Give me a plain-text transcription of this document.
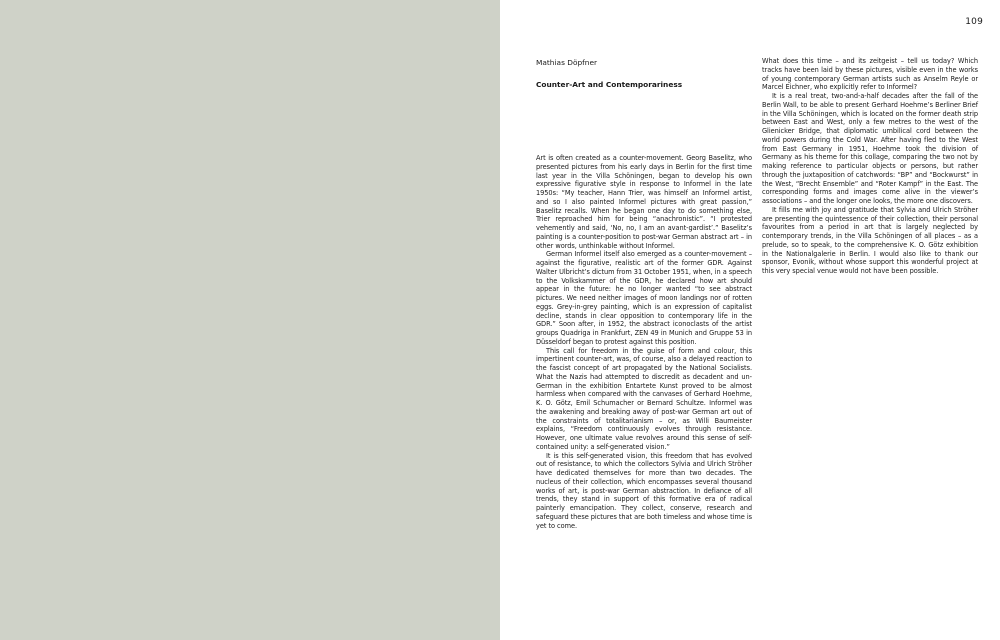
109
Mathias Döpfner
Counter-Art and Contemporariness

Art is often created as a counter-movement. Georg Baselitz, who presented pictures from his early days in Berlin for the first time last year in the Villa Schöningen, began to develop his own expressive figurative style in response to Informel in the late 1950s: “My teacher, Hann Trier, was himself an Informel artist, and so I also painted Informel pictures with great passion,” Baselitz recalls. When he began one day to do something else, Trier reproached him for being “anachronistic”. “I protested vehemently and said, ‘No, no, I am an avant-gardist’.” Baselitz’s painting is a counter-position to post-war German abstract art – in other words, unthinkable without Informel.

German Informel itself also emerged as a counter-movement – against the figurative, realistic art of the former GDR. Against Walter Ulbricht’s dictum from 31 October 1951, when, in a speech to the Volkskammer of the GDR, he declared how art should appear in the future: he no longer wanted “to see abstract pictures. We need neither images of moon landings nor of rotten eggs. Grey-in-grey painting, which is an expression of capitalist decline, stands in clear opposition to contemporary life in the GDR.” Soon after, in 1952, the abstract iconoclasts of the artist groups Quadriga in Frankfurt, ZEN 49 in Munich and Gruppe 53 in Düsseldorf began to protest against this position.

This call for freedom in the guise of form and colour, this impertinent counter-art, was, of course, also a delayed reaction to the fascist concept of art propagated by the National Socialists. What the Nazis had attempted to discredit as decadent and un-German in the exhibition Entartete Kunst proved to be almost harmless when compared with the canvases of Gerhard Hoehme, K. O. Götz, Emil Schumacher or Bernard Schultze. Informel was the awakening and breaking away of post-war German art out of the constraints of totalitarianism – or, as Willi Baumeister explains, “Freedom continuously evolves through resistance. However, one ultimate value revolves around this sense of self-contained unity: a self-generated vision.”

It is this self-generated vision, this freedom that has evolved out of resistance, to which the collectors Sylvia and Ulrich Ströher have dedicated themselves for more than two decades. The nucleus of their collection, which encompasses several thousand works of art, is post-war German abstraction. In defiance of all trends, they stand in support of this formative era of radical painterly emancipation. They collect, conserve, research and safeguard these pictures that are both timeless and whose time is yet to come.

What does this time – and its zeitgeist – tell us today? Which tracks have been laid by these pictures, visible even in the works of young contemporary German artists such as Anselm Reyle or Marcel Eichner, who explicitly refer to Informel?

It is a real treat, two-and-a-half decades after the fall of the Berlin Wall, to be able to present Gerhard Hoehme’s Berliner Brief in the Villa Schöningen, which is located on the former death strip between East and West, only a few metres to the west of the Glienicker Bridge, that diplomatic umbilical cord between the world powers during the Cold War. After having fled to the West from East Germany in 1951, Hoehme took the division of Germany as his theme for this collage, comparing the two not by making reference to particular objects or persons, but rather through the juxtaposition of catchwords: “BP” and “Bockwurst” in the West, “Brecht Ensemble” and “Roter Kampf” in the East. The corresponding forms and images come alive in the viewer’s associations – and the longer one looks, the more one discovers.

It fills me with joy and gratitude that Sylvia and Ulrich Ströher are presenting the quintessence of their collection, their personal favourites from a period in art that is largely neglected by contemporary trends, in the Villa Schöningen of all places – as a prelude, so to speak, to the comprehensive K. O. Götz exhibition in the Nationalgalerie in Berlin. I would also like to thank our sponsor, Evonik, without whose support this wonderful project at this very special venue would not have been possible.
